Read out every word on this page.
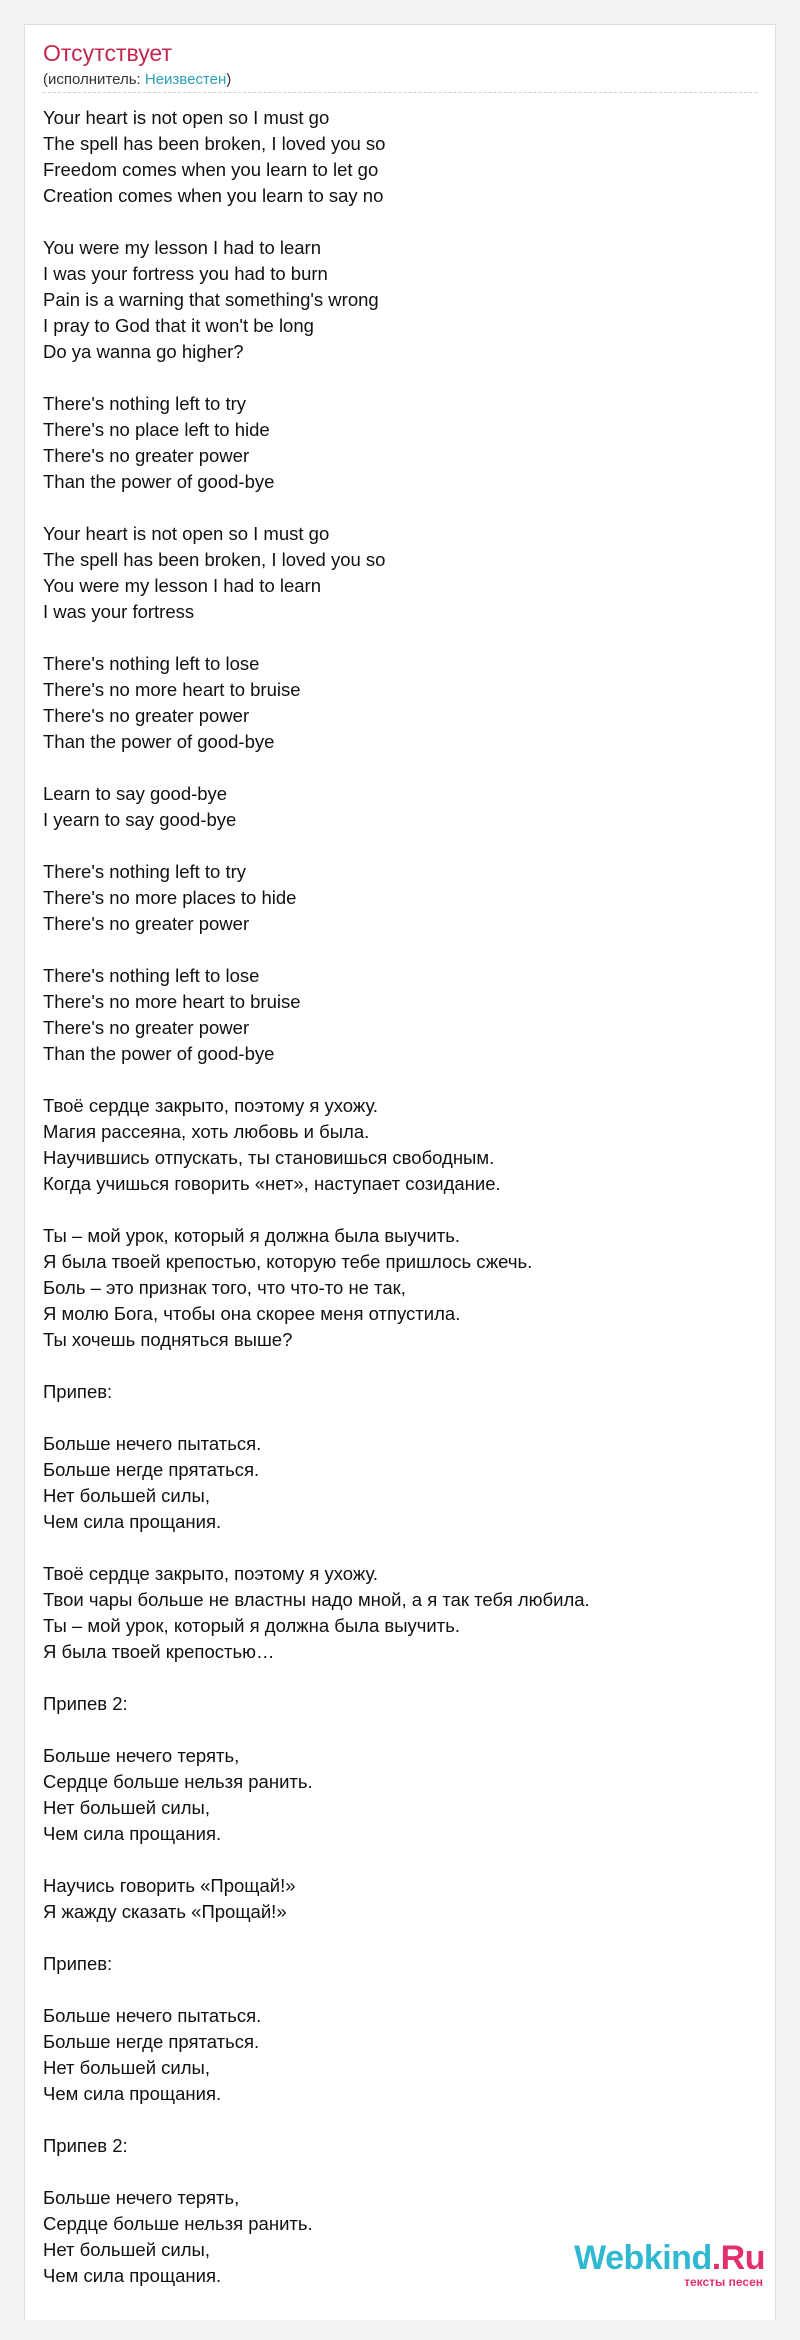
Отсутствует
(исполнитель: Неизвестен)
Your heart is not open so I must go
The spell has been broken, I loved you so
Freedom comes when you learn to let go
Creation comes when you learn to say no
You were my lesson I had to learn
I was your fortress you had to burn
Pain is a warning that something's wrong
I pray to God that it won't be long
Do ya wanna go higher?
There's nothing left to try
There's no place left to hide
There's no greater power
Than the power of good-bye
Your heart is not open so I must go
The spell has been broken, I loved you so
You were my lesson I had to learn
I was your fortress
There's nothing left to lose
There's no more heart to bruise
There's no greater power
Than the power of good-bye
Learn to say good-bye
I yearn to say good-bye
There's nothing left to try
There's no more places to hide
There's no greater power
There's nothing left to lose
There's no more heart to bruise
There's no greater power
Than the power of good-bye
Твоё сердце закрыто, поэтому я ухожу.
Магия рассеяна, хоть любовь и была.
Научившись отпускать, ты становишься свободным.
Когда учишься говорить «нет», наступает созидание.
Ты – мой урок, который я должна была выучить.
Я была твоей крепостью, которую тебе пришлось сжечь.
Боль – это признак того, что что-то не так,
Я молю Бога, чтобы она скорее меня отпустила.
Ты хочешь подняться выше?
Припев:
Больше нечего пытаться.
Больше негде прятаться.
Нет большей силы,
Чем сила прощания.
Твоё сердце закрыто, поэтому я ухожу.
Твои чары больше не властны надо мной, а я так тебя любила.
Ты – мой урок, который я должна была выучить.
Я была твоей крепостью…
Припев 2:
Больше нечего терять,
Сердце больше нельзя ранить.
Нет большей силы,
Чем сила прощания.
Научись говорить «Прощай!»
Я жажду сказать «Прощай!»
Припев:
Больше нечего пытаться.
Больше негде прятаться.
Нет большей силы,
Чем сила прощания.
Припев 2:
Больше нечего терять,
Сердце больше нельзя ранить.
Нет большей силы,
Чем сила прощания.	Webkind.Ru
тексты песен
